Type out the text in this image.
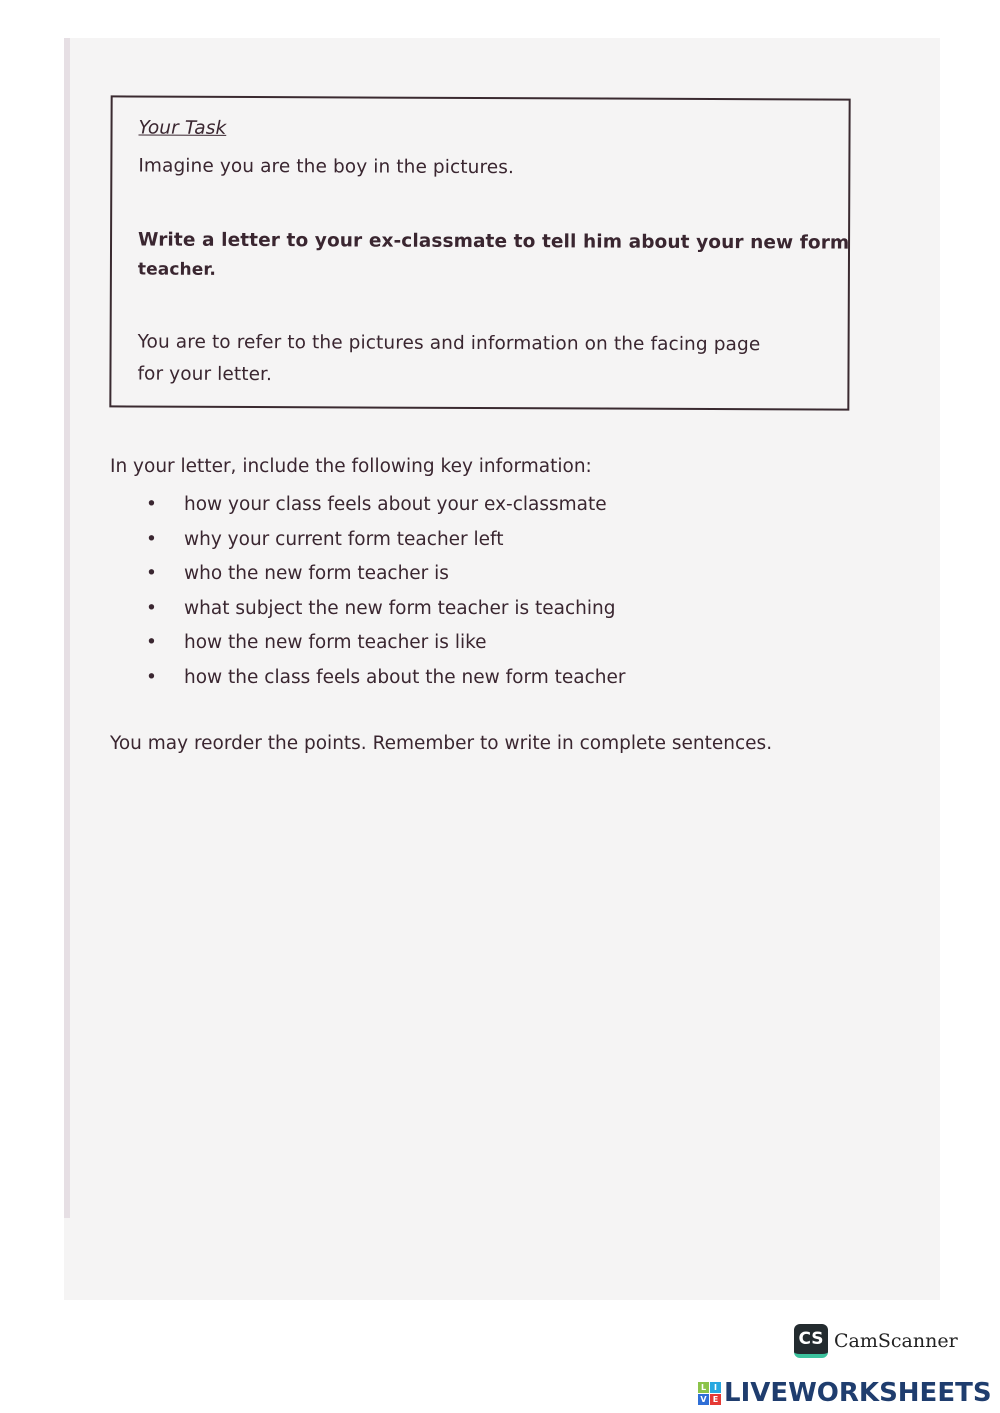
Your Task
Imagine you are the boy in the pictures.
Write a letter to your ex-classmate to tell him about your new form
teacher.
You are to refer to the pictures and information on the facing page
for your letter.
In your letter, include the following key information:
• how your class feels about your ex-classmate
• why your current form teacher left
• who the new form teacher is
• what subject the new form teacher is teaching
• how the new form teacher is like
• how the class feels about the new form teacher
You may reorder the points. Remember to write in complete sentences.
CS CamScanner
L I
V E LIVEWORKSHEETS
